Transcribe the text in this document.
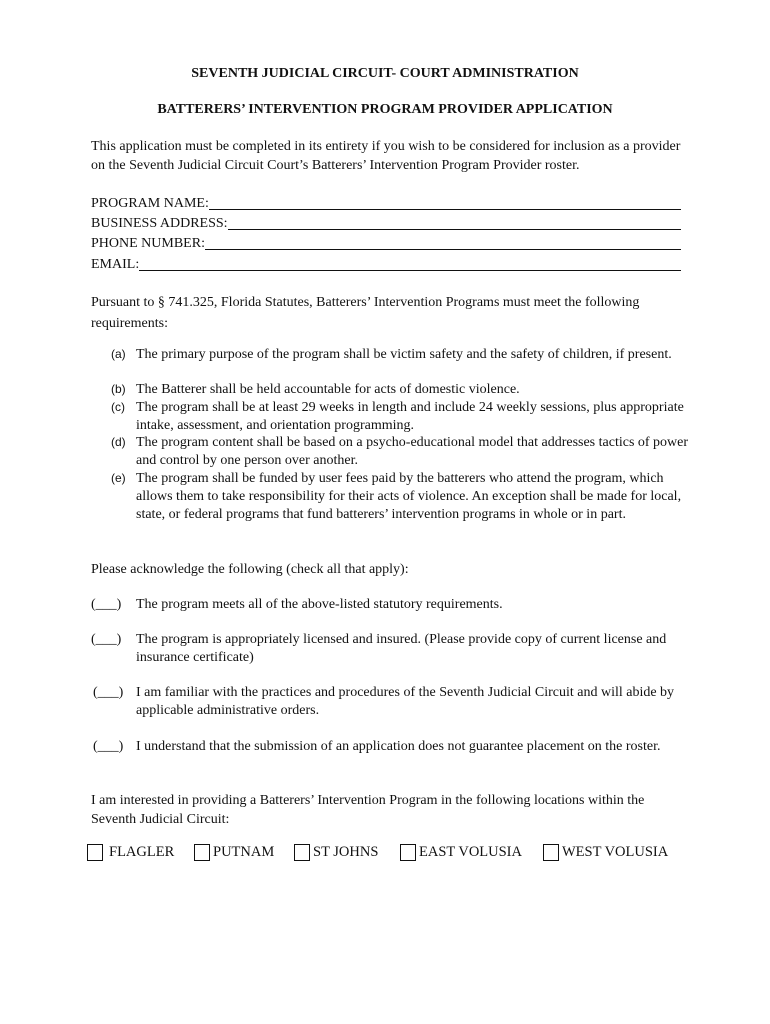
SEVENTH JUDICIAL CIRCUIT- COURT ADMINISTRATION
BATTERERS’ INTERVENTION PROGRAM PROVIDER APPLICATION
This application must be completed in its entirety if you wish to be considered for inclusion as a provider on the Seventh Judicial Circuit Court’s Batterers’ Intervention Program Provider roster.
PROGRAM NAME:
BUSINESS ADDRESS:
PHONE NUMBER:
EMAIL:
Pursuant to § 741.325, Florida Statutes, Batterers’ Intervention Programs must meet the following requirements:
(a) The primary purpose of the program shall be victim safety and the safety of children, if present.
(b) The Batterer shall be held accountable for acts of domestic violence.
(c) The program shall be at least 29 weeks in length and include 24 weekly sessions, plus appropriate intake, assessment, and orientation programming.
(d) The program content shall be based on a psycho-educational model that addresses tactics of power and control by one person over another.
(e) The program shall be funded by user fees paid by the batterers who attend the program, which allows them to take responsibility for their acts of violence. An exception shall be made for local, state, or federal programs that fund batterers’ intervention programs in whole or in part.
Please acknowledge the following (check all that apply):
(___)	The program meets all of the above-listed statutory requirements.
(___)	The program is appropriately licensed and insured. (Please provide copy of current license and insurance certificate)
(___) I am familiar with the practices and procedures of the Seventh Judicial Circuit and will abide by applicable administrative orders.
(___) I understand that the submission of an application does not guarantee placement on the roster.
I am interested in providing a Batterers’ Intervention Program in the following locations within the Seventh Judicial Circuit:
FLAGLER	PUTNAM	ST JOHNS	EAST VOLUSIA	WEST VOLUSIA
